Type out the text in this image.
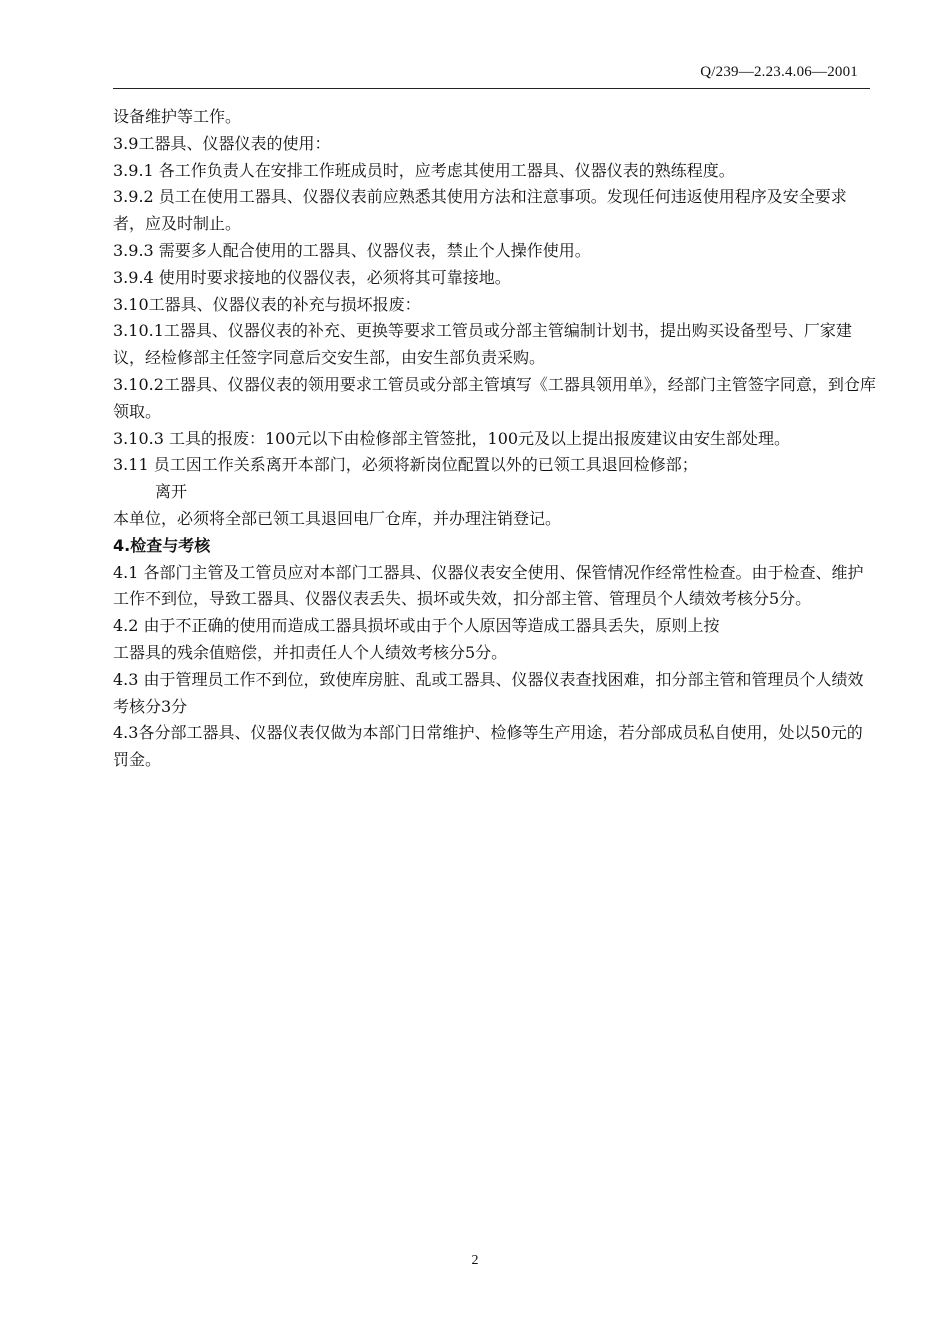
Q/239—2.23.4.06—2001

设备维护等工作。

3.9工器具、仪器仪表的使用：

3.9.1 各工作负责人在安排工作班成员时，应考虑其使用工器具、仪器仪表的熟练程度。

3.9.2 员工在使用工器具、仪器仪表前应熟悉其使用方法和注意事项。发现任何违返使用程序及安全要求者，应及时制止。

3.9.3 需要多人配合使用的工器具、仪器仪表，禁止个人操作使用。

3.9.4 使用时要求接地的仪器仪表，必须将其可靠接地。

3.10工器具、仪器仪表的补充与损坏报废：

3.10.1工器具、仪器仪表的补充、更换等要求工管员或分部主管编制计划书，提出购买设备型号、厂家建议，经检修部主任签字同意后交安生部，由安生部负责采购。

3.10.2工器具、仪器仪表的领用要求工管员或分部主管填写《工器具领用单》，经部门主管签字同意，到仓库领取。

3.10.3 工具的报废：100元以下由检修部主管签批，100元及以上提出报废建议由安生部处理。

3.11 员工因工作关系离开本部门，必须将新岗位配置以外的已领工具退回检修部；

离开

本单位，必须将全部已领工具退回电厂仓库，并办理注销登记。

4.检查与考核

4.1 各部门主管及工管员应对本部门工器具、仪器仪表安全使用、保管情况作经常性检查。由于检查、维护工作不到位，导致工器具、仪器仪表丢失、损坏或失效，扣分部主管、管理员个人绩效考核分5分。

4.2 由于不正确的使用而造成工器具损坏或由于个人原因等造成工器具丢失，原则上按

工器具的残余值赔偿，并扣责任人个人绩效考核分5分。

4.3 由于管理员工作不到位，致使库房脏、乱或工器具、仪器仪表查找困难，扣分部主管和管理员个人绩效考核分3分

4.3各分部工器具、仪器仪表仅做为本部门日常维护、检修等生产用途，若分部成员私自使用，处以50元的罚金。

2
